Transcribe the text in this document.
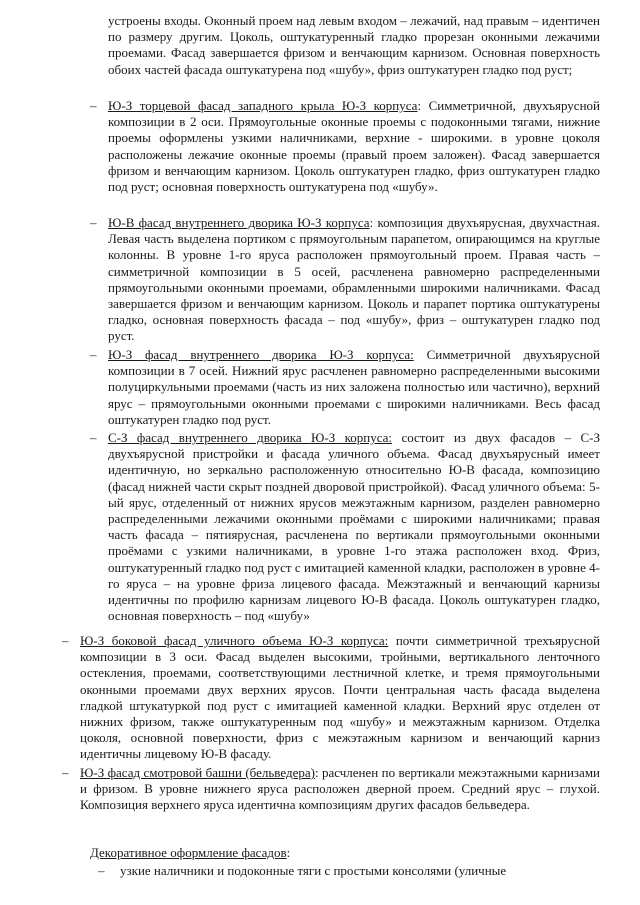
устроены входы. Оконный проем над левым входом – лежачий, над правым – идентичен по размеру другим. Цоколь, оштукатуренный гладко прорезан оконными лежачими проемами. Фасад завершается фризом и венчающим карнизом. Основная поверхность обоих частей фасада оштукатурена под «шубу», фриз оштукатурен гладко под руст;

– Ю-З торцевой фасад западного крыла Ю-З корпуса: Симметричной, двухъярусной композиции в 2 оси. Прямоугольные оконные проемы с подоконными тягами, нижние проемы оформлены узкими наличниками, верхние - широкими. в уровне цоколя расположены лежачие оконные проемы (правый проем заложен). Фасад завершается фризом и венчающим карнизом. Цоколь оштукатурен гладко, фриз оштукатурен гладко под руст; основная поверхность оштукатурена под «шубу».

– Ю-В фасад внутреннего дворика Ю-З корпуса: композиция двухъярусная, двухчастная. Левая часть выделена портиком с прямоугольным парапетом, опирающимся на круглые колонны. В уровне 1-го яруса расположен прямоугольный проем. Правая часть – симметричной композиции в 5 осей, расчленена равномерно распределенными прямоугольными оконными проемами, обрамленными широкими наличниками. Фасад завершается фризом и венчающим карнизом. Цоколь и парапет портика оштукатурены гладко, основная поверхность фасада – под «шубу», фриз – оштукатурен гладко под руст.

– Ю-З фасад внутреннего дворика Ю-З корпуса: Симметричной двухъярусной композиции в 7 осей. Нижний ярус расчленен равномерно распределенными высокими полуциркульными проемами (часть из них заложена полностью или частично), верхний ярус – прямоугольными оконными проемами с широкими наличниками. Весь фасад оштукатурен гладко под руст.

– С-З фасад внутреннего дворика Ю-З корпуса: состоит из двух фасадов – С-З двухъярусной пристройки и фасада уличного объема. Фасад двухъярусный имеет идентичную, но зеркально расположенную относительно Ю-В фасада, композицию (фасад нижней части скрыт поздней дворовой пристройкой). Фасад уличного объема: 5-ый ярус, отделенный от нижних ярусов межэтажным карнизом, разделен равномерно распределенными лежачими оконными проёмами с широкими наличниками; правая часть фасада – пятиярусная, расчленена по вертикали прямоугольными оконными проёмами с узкими наличниками, в уровне 1-го этажа расположен вход. Фриз, оштукатуренный гладко под руст с имитацией каменной кладки, расположен в уровне 4-го яруса – на уровне фриза лицевого фасада. Межэтажный и венчающий карнизы идентичны по профилю карнизам лицевого Ю-В фасада. Цоколь оштукатурен гладко, основная поверхность – под «шубу»

– Ю-З боковой фасад уличного объема Ю-З корпуса: почти симметричной трехъярусной композиции в 3 оси. Фасад выделен высокими, тройными, вертикального ленточного остекления, проемами, соответствующими лестничной клетке, и тремя прямоугольными оконными проемами двух верхних ярусов. Почти центральная часть фасада выделена гладкой штукатуркой под руст с имитацией каменной кладки. Верхний ярус отделен от нижних фризом, также оштукатуренным под «шубу» и межэтажным карнизом. Отделка цоколя, основной поверхности, фриз с межэтажным карнизом и венчающий карниз идентичны лицевому Ю-В фасаду.

– Ю-З фасад смотровой башни (бельведера): расчленен по вертикали межэтажными карнизами и фризом. В уровне нижнего яруса расположен дверной проем. Средний ярус – глухой. Композиция верхнего яруса идентична композициям других фасадов бельведера.

Декоративное оформление фасадов:

– узкие наличники и подоконные тяги с простыми консолями (уличные
